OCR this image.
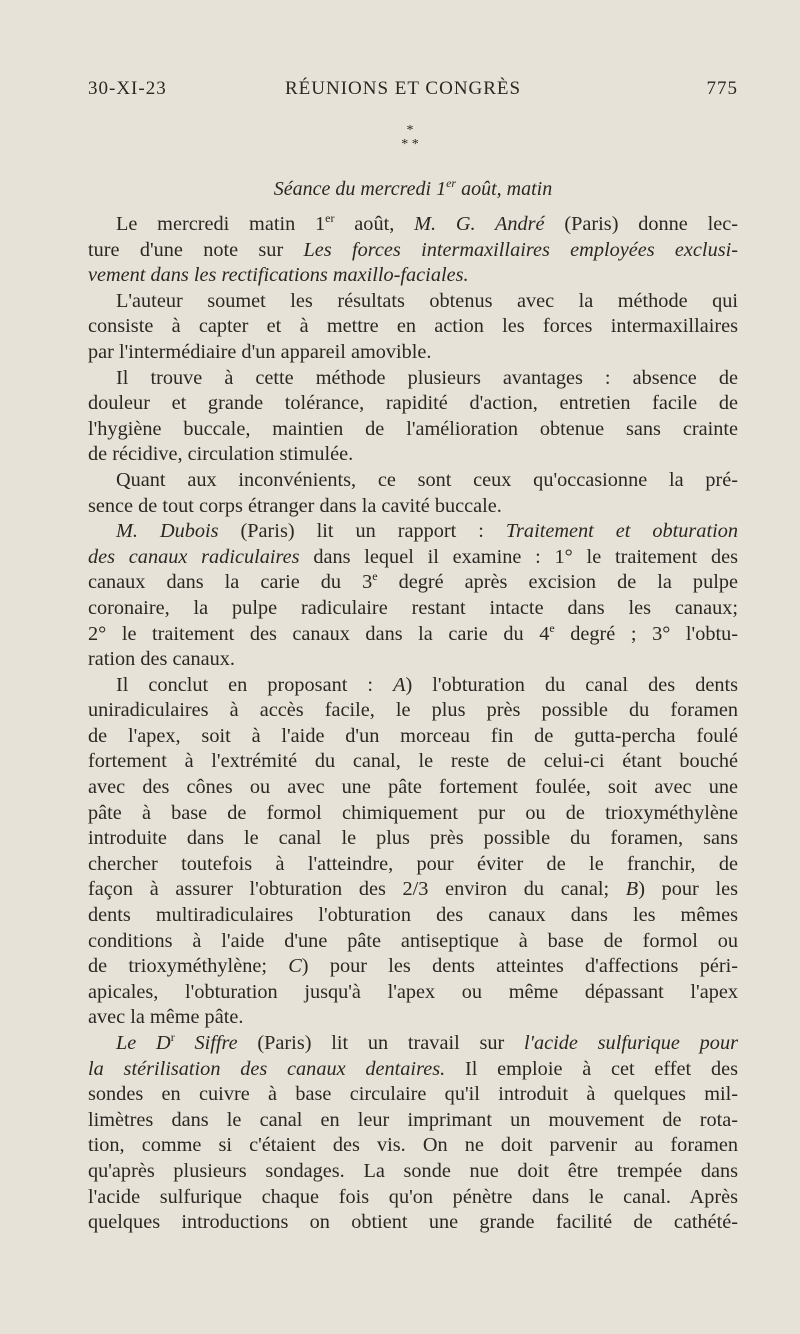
30-XI-23	RÉUNIONS ET CONGRÈS	775
*
* *
Séance du mercredi 1er août, matin
Le mercredi matin 1er août, M. G. André (Paris) donne lec-
ture d'une note sur Les forces intermaxillaires employées exclusi-
vement dans les rectifications maxillo-faciales.
L'auteur soumet les résultats obtenus avec la méthode qui
consiste à capter et à mettre en action les forces intermaxillaires
par l'intermédiaire d'un appareil amovible.
Il trouve à cette méthode plusieurs avantages : absence de
douleur et grande tolérance, rapidité d'action, entretien facile de
l'hygiène buccale, maintien de l'amélioration obtenue sans crainte
de récidive, circulation stimulée.
Quant aux inconvénients, ce sont ceux qu'occasionne la pré-
sence de tout corps étranger dans la cavité buccale.
M. Dubois (Paris) lit un rapport : Traitement et obturation
des canaux radiculaires dans lequel il examine : 1° le traitement des
canaux dans la carie du 3e degré après excision de la pulpe
coronaire, la pulpe radiculaire restant intacte dans les canaux;
2° le traitement des canaux dans la carie du 4e degré ; 3° l'obtu-
ration des canaux.
Il conclut en proposant : A) l'obturation du canal des dents
uniradiculaires à accès facile, le plus près possible du foramen
de l'apex, soit à l'aide d'un morceau fin de gutta-percha foulé
fortement à l'extrémité du canal, le reste de celui-ci étant bouché
avec des cônes ou avec une pâte fortement foulée, soit avec une
pâte à base de formol chimiquement pur ou de trioxyméthylène
introduite dans le canal le plus près possible du foramen, sans
chercher toutefois à l'atteindre, pour éviter de le franchir, de
façon à assurer l'obturation des 2/3 environ du canal; B) pour les
dents multiradiculaires l'obturation des canaux dans les mêmes
conditions à l'aide d'une pâte antiseptique à base de formol ou
de trioxyméthylène; C) pour les dents atteintes d'affections péri-
apicales, l'obturation jusqu'à l'apex ou même dépassant l'apex
avec la même pâte.
Le $D^r$ Siffre (Paris) lit un travail sur l'acide sulfurique pour
la stérilisation des canaux dentaires. Il emploie à cet effet des
sondes en cuivre à base circulaire qu'il introduit à quelques mil-
limètres dans le canal en leur imprimant un mouvement de rota-
tion, comme si c'étaient des vis. On ne doit parvenir au foramen
qu'après plusieurs sondages. La sonde nue doit être trempée dans
l'acide sulfurique chaque fois qu'on pénètre dans le canal. Après
quelques introductions on obtient une grande facilité de cathété-
